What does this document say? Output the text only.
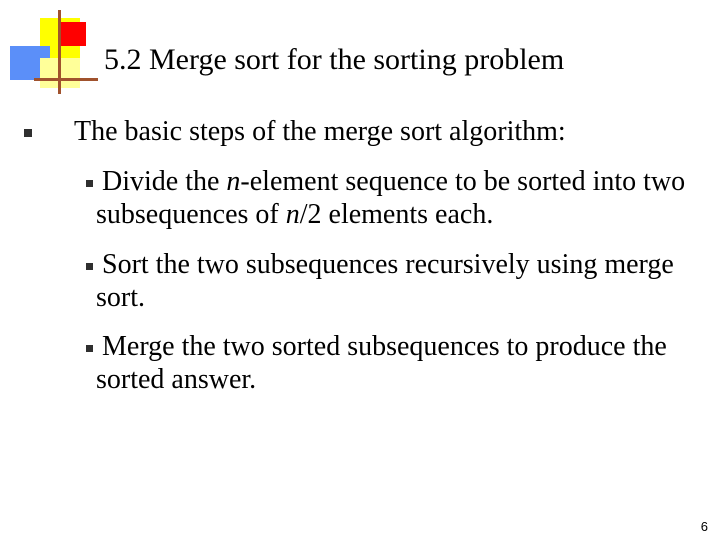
5.2 Merge sort for the sorting problem
The basic steps of the merge sort algorithm:
Divide the n-element sequence to be sorted into two subsequences of n/2 elements each.
Sort the two subsequences recursively using merge sort.
Merge the two sorted subsequences to produce the sorted answer.
6
